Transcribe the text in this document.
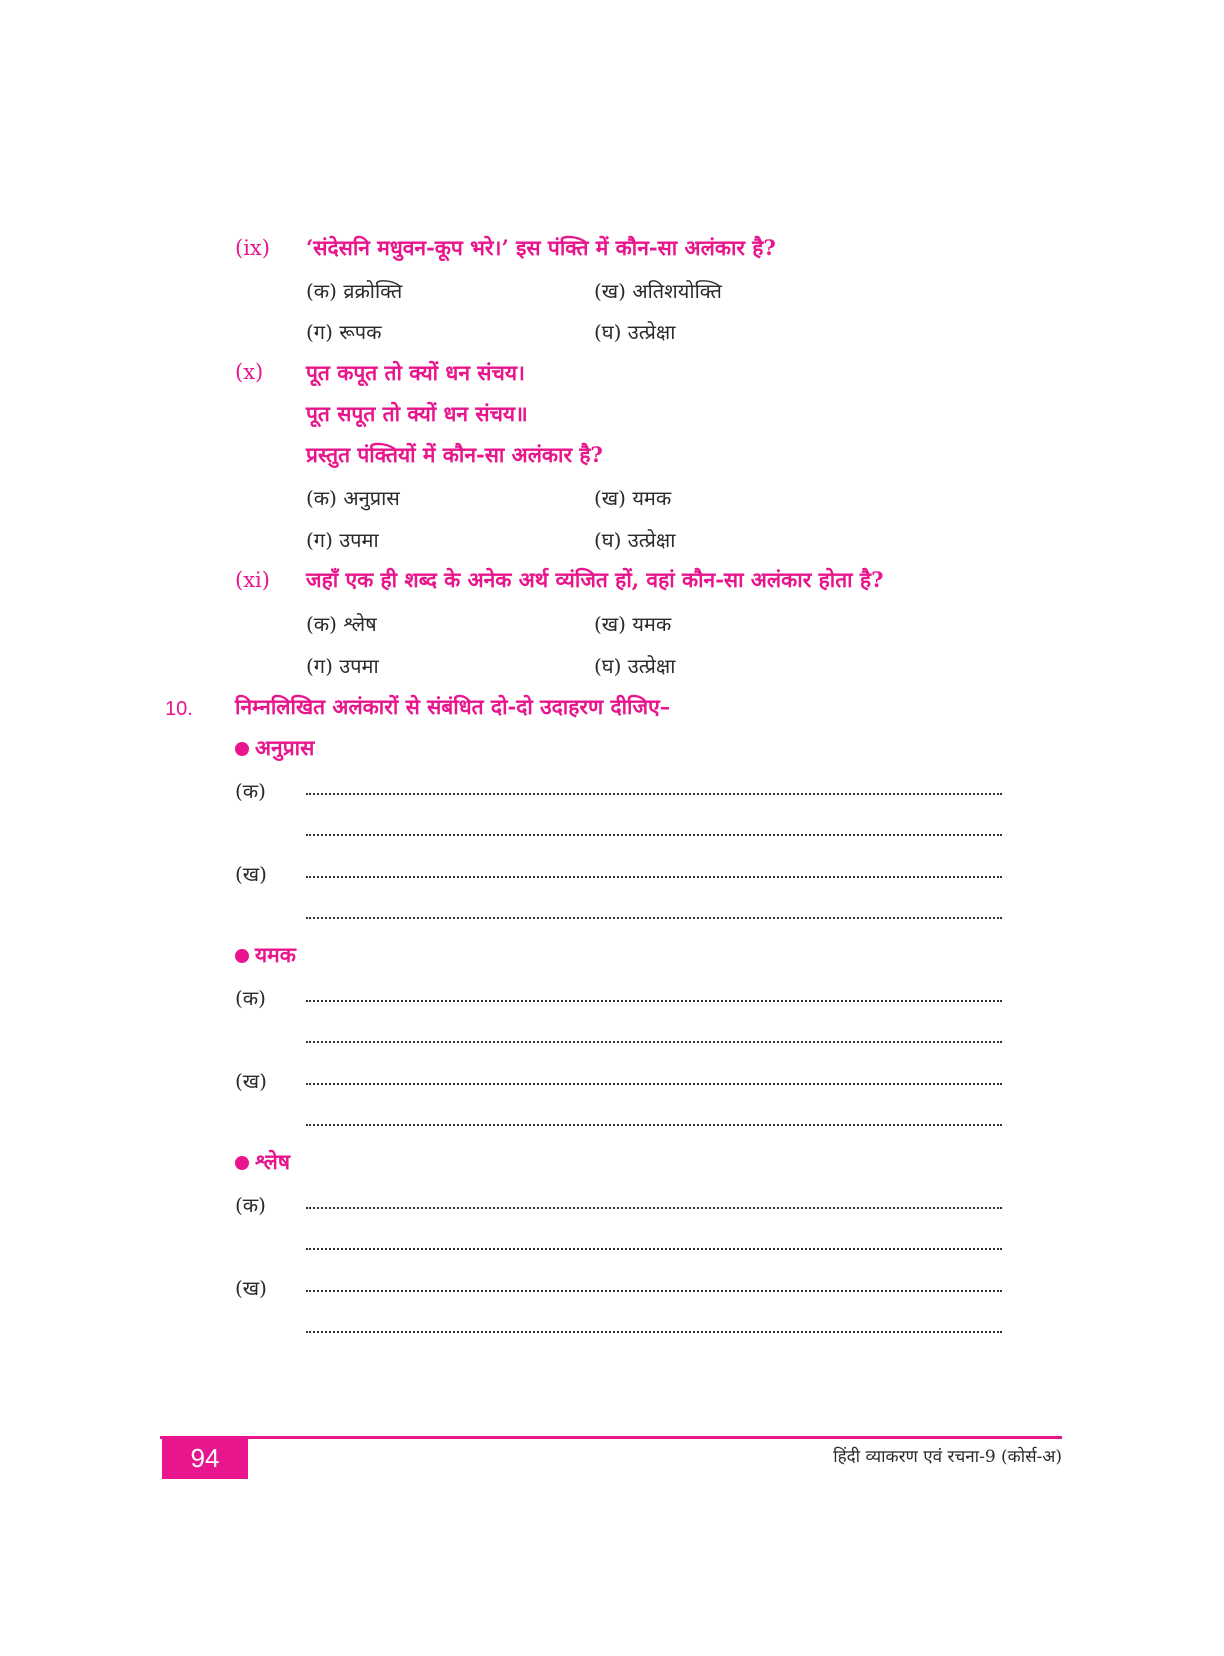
(ix) ‘संदेसनि मधुवन-कूप भरे।’ इस पंक्ति में कौन-सा अलंकार है?
(क) व्रक्रोक्ति	(ख) अतिशयोक्ति
(ग) रूपक	(घ) उत्प्रेक्षा
(x) पूत कपूत तो क्यों धन संचय।
पूत सपूत तो क्यों धन संचय॥
प्रस्तुत पंक्तियों में कौन-सा अलंकार है?
(क) अनुप्रास	(ख) यमक
(ग) उपमा	(घ) उत्प्रेक्षा
(xi) जहाँ एक ही शब्द के अनेक अर्थ व्यंजित हों, वहां कौन-सा अलंकार होता है?
(क) श्लेष	(ख) यमक
(ग) उपमा	(घ) उत्प्रेक्षा
10. निम्नलिखित अलंकारों से संबंधित दो-दो उदाहरण दीजिए–
अनुप्रास
(क)
(ख)
यमक
(क)
(ख)
श्लेष
(क)
(ख)
94	हिंदी व्याकरण एवं रचना-9 (कोर्स-अ)
